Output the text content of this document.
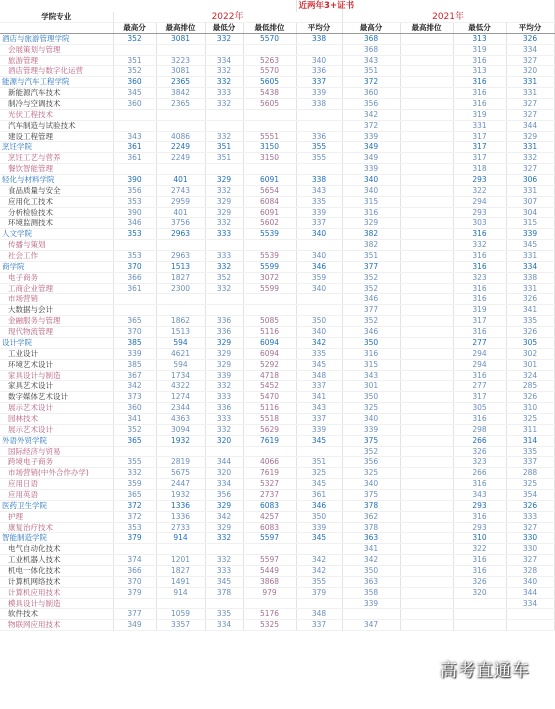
					近两年3+证书				
学院专业	2022年					2021年			
	最高分	最高排位	最低分	最低排位	平均分	最高分	最高排位	最低分	平均分
酒店与旅游管理学院	352	3081	332	5570	338	368		313	326
会展策划与管理						368		319	334
旅游管理	351	3223	334	5263	340	343		316	327
酒店管理与数字化运营	352	3081	332	5570	336	351		313	320
能源与汽车工程学院	360	2365	332	5605	337	372		316	331
新能源汽车技术	345	3842	333	5438	339	360		316	331
制冷与空调技术	360	2365	332	5605	338	356		316	327
光伏工程技术						342		319	327
汽车制造与试验技术						372		331	344
建设工程管理	343	4086	332	5551	336	339		317	329
烹饪学院	361	2249	351	3150	355	349		317	331
烹饪工艺与营养	361	2249	351	3150	355	349		317	332
餐饮智能管理						339		318	327
轻化与材料学院	390	401	329	6091	338	340		293	306
食品质量与安全	356	2743	332	5654	343	340		322	331
应用化工技术	353	2959	329	6084	335	315		294	307
分析检验技术	390	401	329	6091	339	316		293	304
环境监测技术	346	3756	332	5602	337	329		303	315
人文学院	353	2963	333	5539	340	382		316	339
传播与策划						382		332	345
社会工作	353	2963	333	5539	340	351		316	331
商学院	370	1513	332	5599	346	377		316	334
电子商务	366	1827	352	3072	359	352		323	338
工商企业管理	361	2300	332	5599	340	352		316	331
市场营销						346		316	326
大数据与会计						377		319	341
金融服务与管理	365	1862	336	5085	350	352		317	335
现代物流管理	370	1513	336	5116	340	346		316	326
设计学院	385	594	329	6094	342	350		277	305
工业设计	339	4621	329	6094	335	316		294	302
环境艺术设计	385	594	329	5292	345	315		294	301
家具设计与制造	367	1734	339	4718	348	343		316	324
家具艺术设计	342	4322	332	5452	337	301		277	285
数字媒体艺术设计	373	1274	333	5470	341	350		317	326
展示艺术设计	360	2344	336	5116	343	325		305	310
园林技术	341	4363	333	5518	337	340		316	325
展示艺术设计	352	3094	332	5629	339	339		298	311
外语外贸学院	365	1932	320	7619	345	375		266	314
国际经济与贸易						352		326	335
跨境电子商务	355	2819	344	4066	351	356		323	337
市场营销(中外合作办学)	332	5675	320	7619	325	325		266	288
应用日语	359	2447	334	5327	345	340		316	325
应用英语	365	1932	356	2737	361	375		343	354
医药卫生学院	372	1336	329	6083	346	378		293	326
护理	372	1336	342	4257	350	362		316	333
康复治疗技术	353	2733	329	6083	339	378		293	327
智能制造学院	379	914	332	5597	345	363		310	330
电气自动化技术						341		322	330
工业机器人技术	374	1201	332	5597	342	342		316	327
机电一体化技术	366	1827	333	5449	342	350		316	328
计算机网络技术	370	1491	345	3868	355	363		326	340
计算机应用技术	379	914	378	979	379	358		320	344
模具设计与制造						339			334
软件技术	377	1059	335	5176	348				
物联网应用技术	349	3357	334	5325	337	347			
高考直通车
